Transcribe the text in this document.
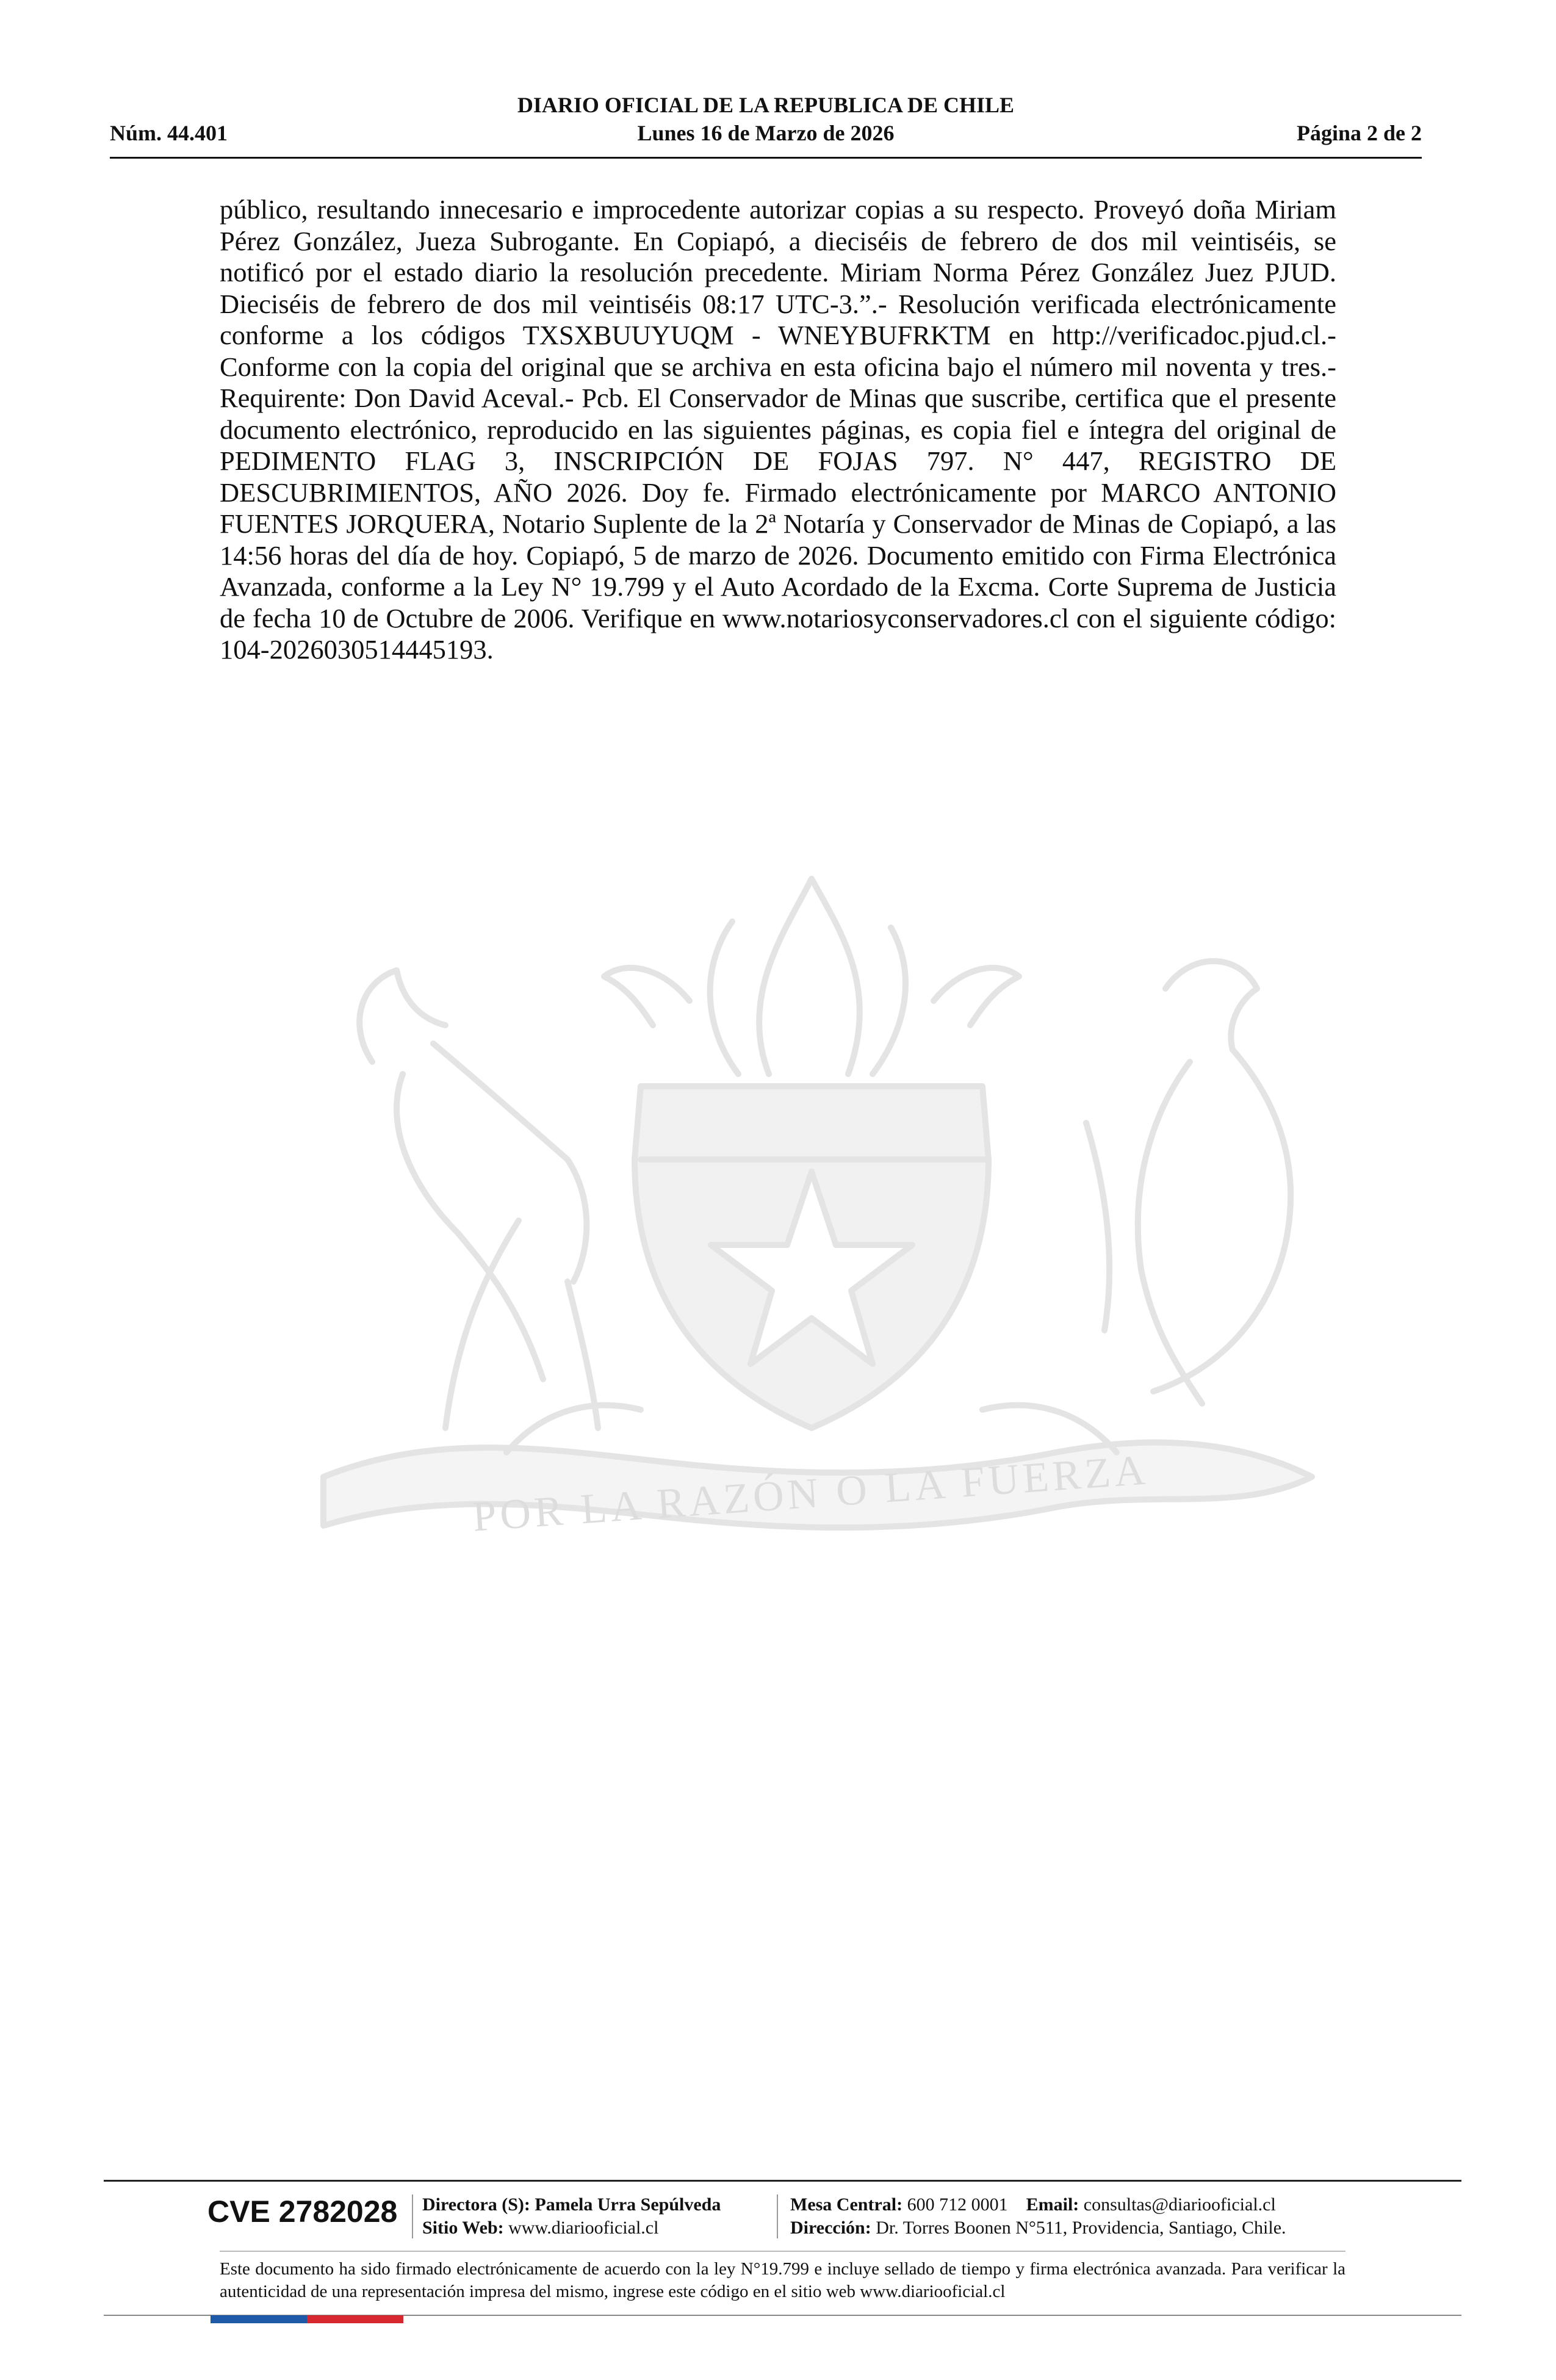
DIARIO OFICIAL DE LA REPUBLICA DE CHILE
Núm. 44.401	Lunes 16 de Marzo de 2026	Página 2 de 2
POR LA RAZÓN O LA FUERZA
público, resultando innecesario e improcedente autorizar copias a su respecto. Proveyó doña Miriam Pérez González, Jueza Subrogante. En Copiapó, a dieciséis de febrero de dos mil veintiséis, se notificó por el estado diario la resolución precedente. Miriam Norma Pérez González Juez PJUD. Dieciséis de febrero de dos mil veintiséis 08:17 UTC-3.”.- Resolución verificada electrónicamente conforme a los códigos TXSXBUUYUQM - WNEYBUFRKTM en http://verificadoc.pjud.cl.- Conforme con la copia del original que se archiva en esta oficina bajo el número mil noventa y tres.- Requirente: Don David Aceval.- Pcb. El Conservador de Minas que suscribe, certifica que el presente documento electrónico, reproducido en las siguientes páginas, es copia fiel e íntegra del original de PEDIMENTO FLAG 3, INSCRIPCIÓN DE FOJAS 797. N° 447, REGISTRO DE DESCUBRIMIENTOS, AÑO 2026. Doy fe. Firmado electrónicamente por MARCO ANTONIO FUENTES JORQUERA, Notario Suplente de la 2ª Notaría y Conservador de Minas de Copiapó, a las 14:56 horas del día de hoy. Copiapó, 5 de marzo de 2026. Documento emitido con Firma Electrónica Avanzada, conforme a la Ley N° 19.799 y el Auto Acordado de la Excma. Corte Suprema de Justicia de fecha 10 de Octubre de 2006. Verifique en www.notariosyconservadores.cl con el siguiente código: 104-2026030514445193.
CVE 2782028 Directora (S): Pamela Urra Sepúlveda
Sitio Web: www.diariooficial.cl
Mesa Central: 600 712 0001 Email: consultas@diariooficial.cl
Dirección: Dr. Torres Boonen N°511, Providencia, Santiago, Chile.
Este documento ha sido firmado electrónicamente de acuerdo con la ley N°19.799 e incluye sellado de tiempo y firma electrónica avanzada. Para verificar la autenticidad de una representación impresa del mismo, ingrese este código en el sitio web www.diariooficial.cl
